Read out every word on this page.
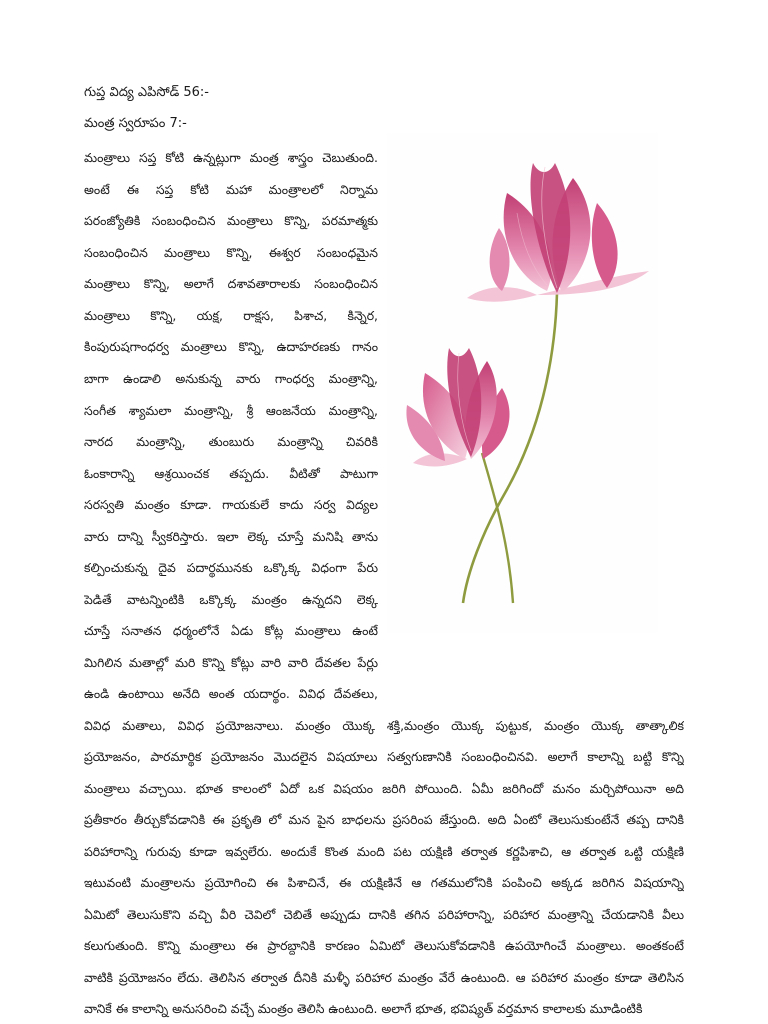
గుప్త విద్య ఎపిసోడ్ 56:-
మంత్ర స్వరూపం 7:-
మంత్రాలు సప్త కోటి ఉన్నట్లుగా మంత్ర శాస్త్రం చెబుతుంది.
అంటే ఈ సప్త కోటి మహా మంత్రాలలో నిర్నామ
పరంజ్యోతికి సంబంధించిన మంత్రాలు కొన్ని, పరమాత్మకు
సంబంధించిన మంత్రాలు కొన్ని, ఈశ్వర సంబంధమైన
మంత్రాలు కొన్ని, అలాగే దశావతారాలకు సంబంధించిన
మంత్రాలు కొన్ని, యక్ష, రాక్షస, పిశాచ, కిన్నెర,
కింపురుషగాంధర్వ మంత్రాలు కొన్ని, ఉదాహరణకు గానం
బాగా ఉండాలి అనుకున్న వారు గాంధర్వ మంత్రాన్ని,
సంగీత శ్యామలా మంత్రాన్ని, శ్రీ ఆంజనేయ మంత్రాన్ని,
నారద మంత్రాన్ని, తుంబురు మంత్రాన్ని చివరికి
ఓంకారాన్ని ఆశ్రయించక తప్పదు. వీటితో పాటుగా
సరస్వతి మంత్రం కూడా. గాయకులే కాదు సర్వ విద్యల
వారు దాన్ని స్వీకరిస్తారు. ఇలా లెక్క చూస్తే మనిషి తాను
కల్పించుకున్న దైవ పదార్థమునకు ఒక్కొక్క విధంగా పేరు
పెడితే వాటన్నింటికి ఒక్కొక్క మంత్రం ఉన్నదని లెక్క
చూస్తే సనాతన ధర్మంలోనే ఏడు కోట్ల మంత్రాలు ఉంటే
మిగిలిన మతాల్లో మరి కొన్ని కోట్లు వారి వారి దేవతల పేర్లు
ఉండి ఉంటాయి అనేది అంత యదార్థం. వివిధ దేవతలు,
వివిధ మతాలు, వివిధ ప్రయోజనాలు. మంత్రం యొక్క శక్తి,మంత్రం యొక్క పుట్టుక, మంత్రం యొక్క తాత్కాలిక
ప్రయోజనం, పారమార్థిక ప్రయోజనం మొదలైన విషయాలు సత్వగుణానికి సంబంధించినవి. అలాగే కాలాన్ని బట్టి కొన్ని
మంత్రాలు వచ్చాయి. భూత కాలంలో ఏదో ఒక విషయం జరిగి పోయింది. ఏమీ జరిగిందో మనం మర్చిపోయినా అది
ప్రతీకారం తీర్చుకోవడానికి ఈ ప్రకృతి లో మన పైన బాధలను ప్రసరింప జేస్తుంది. అది ఏంటో తెలుసుకుంటేనే తప్ప దానికి
పరిహారాన్ని గురువు కూడా ఇవ్వలేరు. అందుకే కొంత మంది పట యక్షిణి తర్వాత కర్ణపిశాచి, ఆ తర్వాత ఒట్టి యక్షిణి
ఇటువంటి మంత్రాలను ప్రయోగించి ఈ పిశాచినే, ఈ యక్షిణినే ఆ గతములోనికి పంపించి అక్కడ జరిగిన విషయాన్ని
ఏమిటో తెలుసుకొని వచ్చి వీరి చెవిలో చెబితే అప్పుడు దానికి తగిన పరిహారాన్ని, పరిహార మంత్రాన్ని చేయడానికి వీలు
కలుగుతుంది. కొన్ని మంత్రాలు ఈ ప్రారబ్దానికి కారణం ఏమిటో తెలుసుకోవడానికి ఉపయోగించే మంత్రాలు. అంతకంటే
వాటికి ప్రయోజనం లేదు. తెలిసిన తర్వాత దీనికి మళ్ళీ పరిహార మంత్రం వేరే ఉంటుంది. ఆ పరిహార మంత్రం కూడా తెలిసిన
వానికే ఈ కాలాన్ని అనుసరించి వచ్చే మంత్రం తెలిసి ఉంటుంది. అలాగే భూత, భవిష్యత్ వర్తమాన కాలాలకు మూడింటికి
